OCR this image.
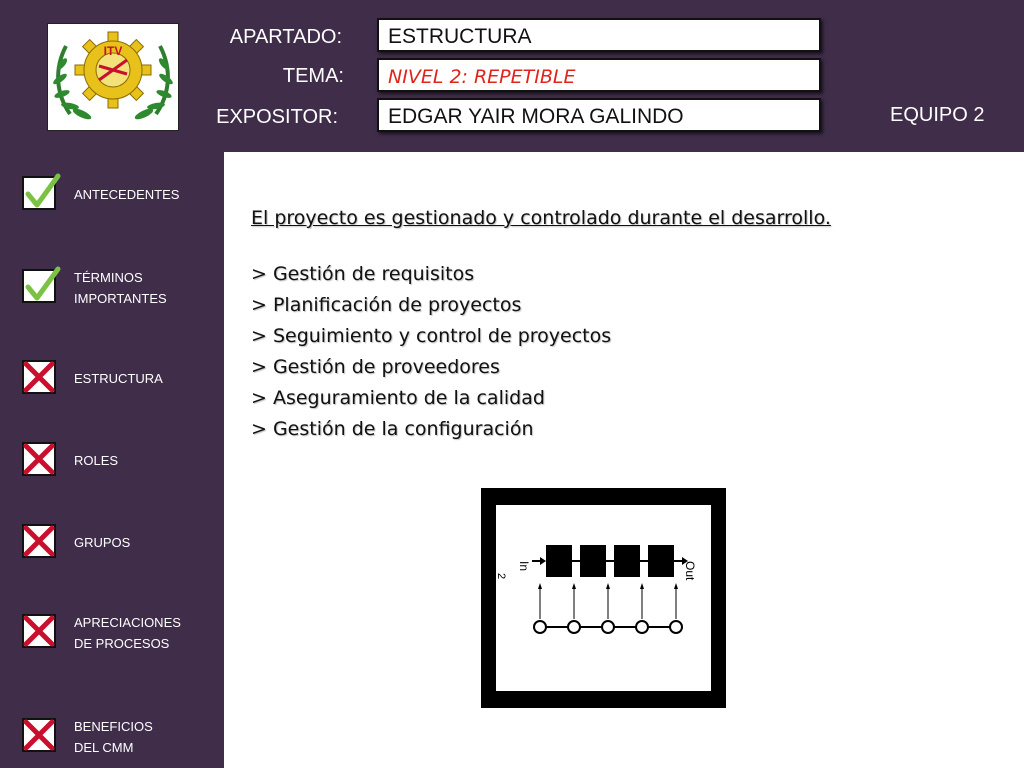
ITV
APARTADO:	ESTRUCTURA
TEMA:	NIVEL 2: REPETIBLE
EXPOSITOR:	EDGAR YAIR MORA GALINDO	EQUIPO 2
ANTECEDENTES
TÉRMINOS
IMPORTANTES
ESTRUCTURA
ROLES
GRUPOS
APRECIACIONES
DE PROCESOS
BENEFICIOS
DEL CMM

El proyecto es gestionado y controlado durante el desarrollo.

> Gestión de requisitos

> Planificación de proyectos

> Seguimiento y control de proyectos

> Gestión de proveedores

> Aseguramiento de la calidad

> Gestión de la configuración

2
In	Out
